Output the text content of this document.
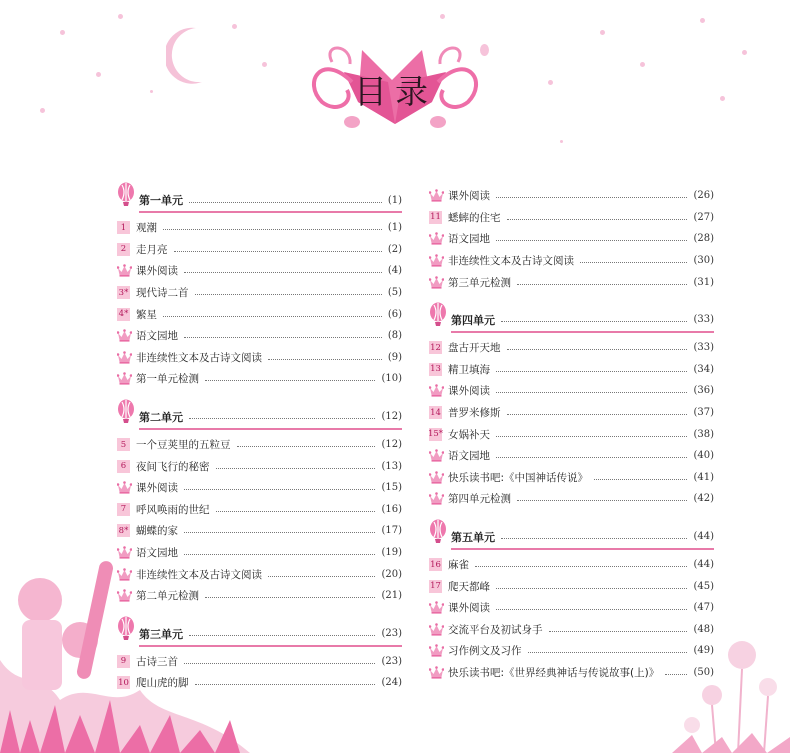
目录
第一单元	(1)
1 观潮	(1)
2 走月亮	(2)
课外阅读	(4)
3* 现代诗二首	(5)
4* 繁星	(6)
语文园地	(8)
非连续性文本及古诗文阅读	(9)
第一单元检测	(10)
第二单元	(12)
5 一个豆荚里的五粒豆	(12)
6 夜间飞行的秘密	(13)
课外阅读	(15)
7 呼风唤雨的世纪	(16)
8* 蝴蝶的家	(17)
语文园地	(19)
非连续性文本及古诗文阅读	(20)
第二单元检测	(21)
第三单元	(23)
9 古诗三首	(23)
10 爬山虎的脚	(24)
课外阅读	(26)
11 蟋蟀的住宅	(27)
语文园地	(28)
非连续性文本及古诗文阅读	(30)
第三单元检测	(31)
第四单元	(33)
12 盘古开天地	(33)
13 精卫填海	(34)
课外阅读	(36)
14 普罗米修斯	(37)
15* 女娲补天	(38)
语文园地	(40)
快乐读书吧:《中国神话传说》	(41)
第四单元检测	(42)
第五单元	(44)
16 麻雀	(44)
17 爬天都峰	(45)
课外阅读	(47)
交流平台及初试身手	(48)
习作例文及习作	(49)
快乐读书吧:《世界经典神话与传说故事(上)》	(50)
